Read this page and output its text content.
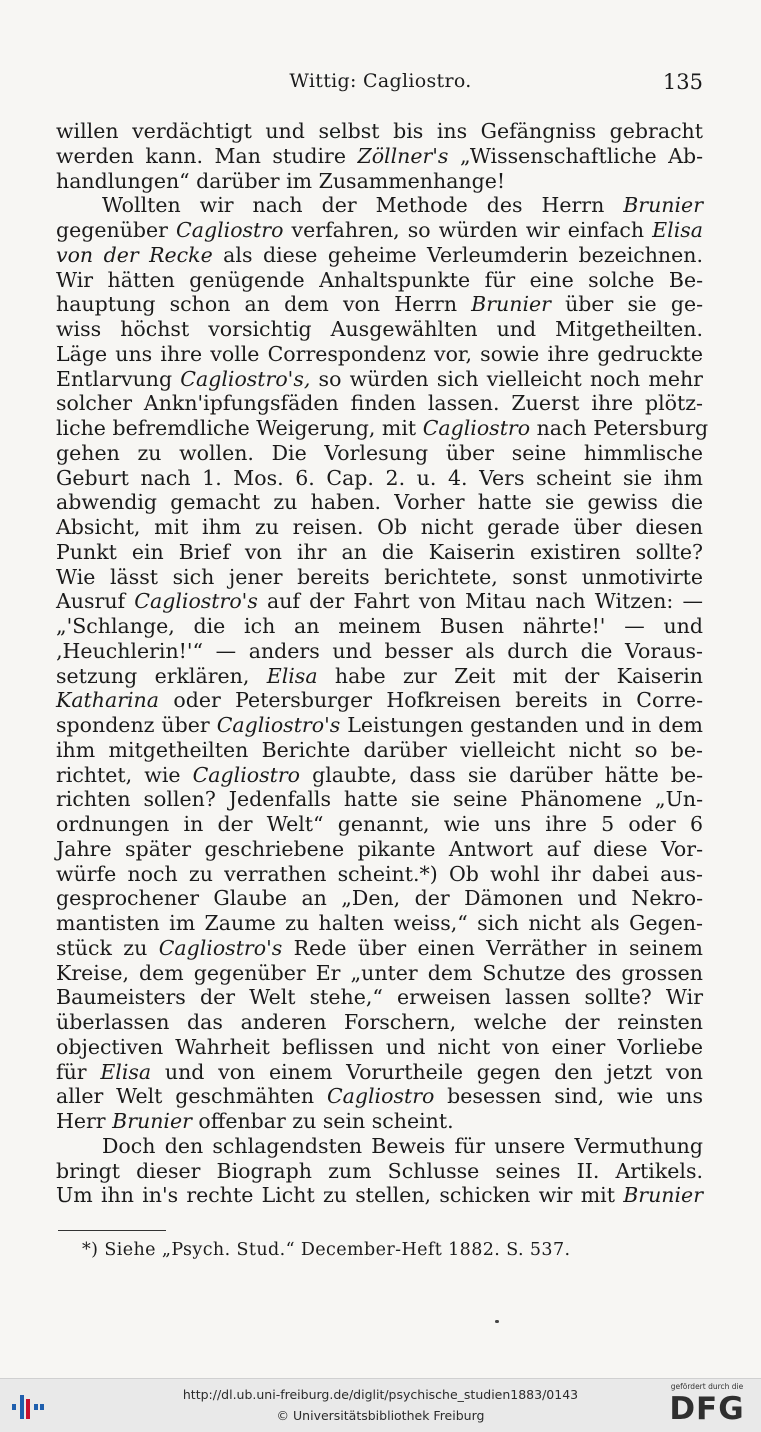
Wittig: Cagliostro.	135
willen verdächtigt und selbst bis ins Gefängniss gebracht
werden kann. Man studire Zöllner's „Wissenschaftliche Ab-
handlungen“ darüber im Zusammenhange!
Wollten wir nach der Methode des Herrn Brunier
gegenüber Cagliostro verfahren, so würden wir einfach Elisa
von der Recke als diese geheime Verleumderin bezeichnen.
Wir hätten genügende Anhaltspunkte für eine solche Be-
hauptung schon an dem von Herrn Brunier über sie ge-
wiss höchst vorsichtig Ausgewählten und Mitgetheilten.
Läge uns ihre volle Correspondenz vor, sowie ihre gedruckte
Entlarvung Cagliostro's, so würden sich vielleicht noch mehr
solcher Ankn'ipfungsfäden finden lassen. Zuerst ihre plötz-
liche befremdliche Weigerung, mit Cagliostro nach Petersburg
gehen zu wollen. Die Vorlesung über seine himmlische
Geburt nach 1. Mos. 6. Cap. 2. u. 4. Vers scheint sie ihm
abwendig gemacht zu haben. Vorher hatte sie gewiss die
Absicht, mit ihm zu reisen. Ob nicht gerade über diesen
Punkt ein Brief von ihr an die Kaiserin existiren sollte?
Wie lässt sich jener bereits berichtete, sonst unmotivirte
Ausruf Cagliostro's auf der Fahrt von Mitau nach Witzen: —
„'Schlange, die ich an meinem Busen nährte!' — und
‚Heuchlerin!'“ — anders und besser als durch die Voraus-
setzung erklären, Elisa habe zur Zeit mit der Kaiserin
Katharina oder Petersburger Hofkreisen bereits in Corre-
spondenz über Cagliostro's Leistungen gestanden und in dem
ihm mitgetheilten Berichte darüber vielleicht nicht so be-
richtet, wie Cagliostro glaubte, dass sie darüber hätte be-
richten sollen? Jedenfalls hatte sie seine Phänomene „Un-
ordnungen in der Welt“ genannt, wie uns ihre 5 oder 6
Jahre später geschriebene pikante Antwort auf diese Vor-
würfe noch zu verrathen scheint.*) Ob wohl ihr dabei aus-
gesprochener Glaube an „Den, der Dämonen und Nekro-
mantisten im Zaume zu halten weiss,“ sich nicht als Gegen-
stück zu Cagliostro's Rede über einen Verräther in seinem
Kreise, dem gegenüber Er „unter dem Schutze des grossen
Baumeisters der Welt stehe,“ erweisen lassen sollte? Wir
überlassen das anderen Forschern, welche der reinsten
objectiven Wahrheit beflissen und nicht von einer Vorliebe
für Elisa und von einem Vorurtheile gegen den jetzt von
aller Welt geschmähten Cagliostro besessen sind, wie uns
Herr Brunier offenbar zu sein scheint.
Doch den schlagendsten Beweis für unsere Vermuthung
bringt dieser Biograph zum Schlusse seines II. Artikels.
Um ihn in's rechte Licht zu stellen, schicken wir mit Brunier
*) Siehe „Psych. Stud.“ December-Heft 1882. S. 537.
http://dl.ub.uni-freiburg.de/diglit/psychische_studien1883/0143
© Universitätsbibliothek Freiburg
gefördert durch die
DFG
